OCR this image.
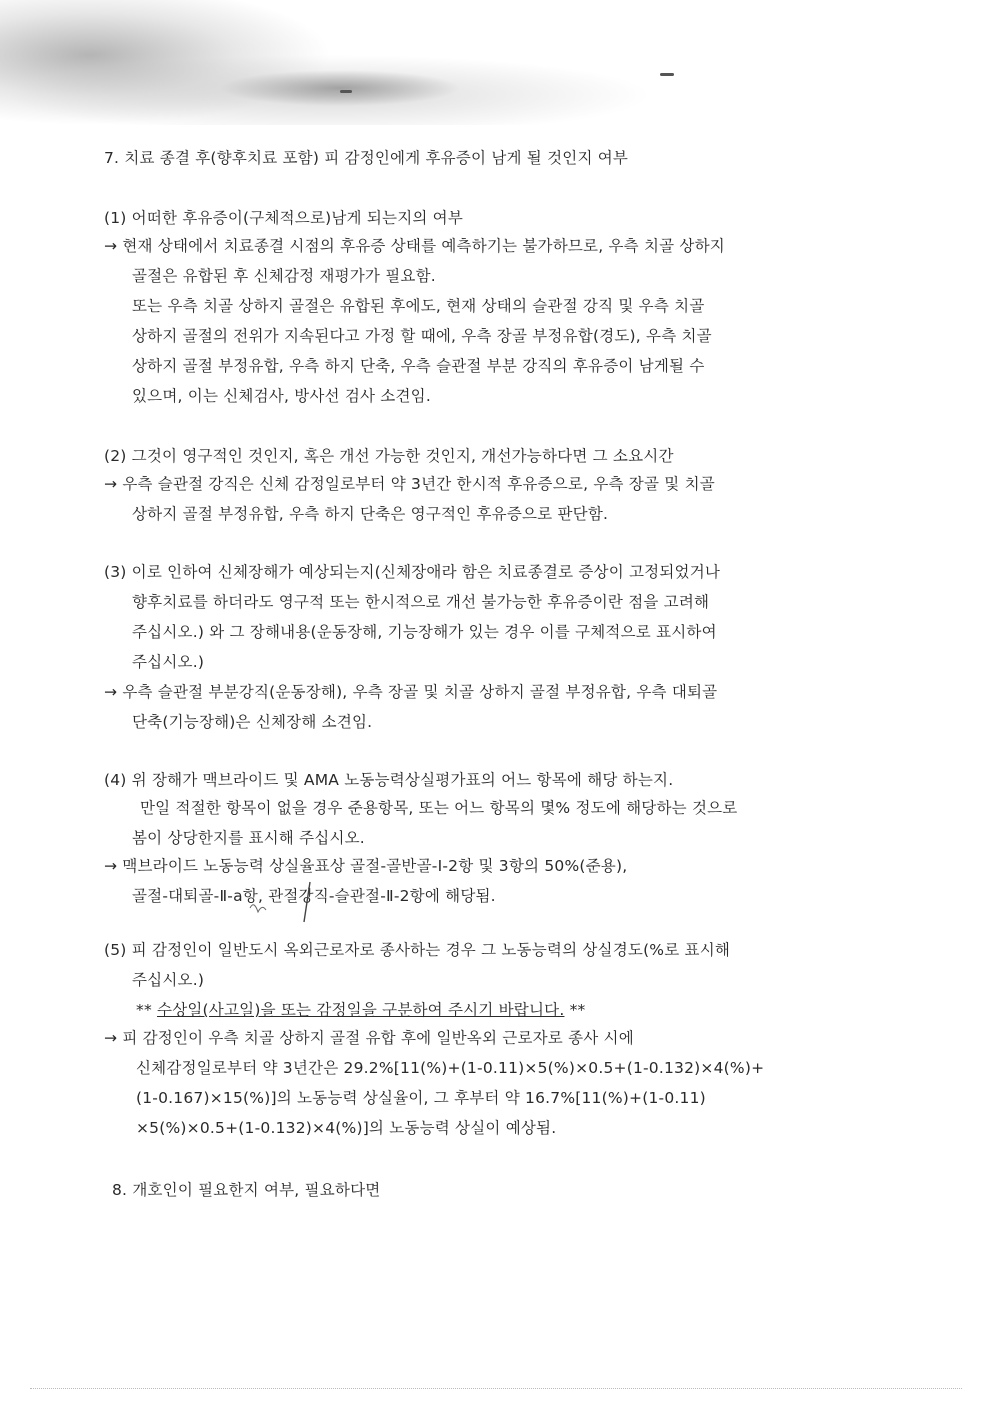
7. 치료 종결 후(향후치료 포함) 피 감정인에게 후유증이 남게 될 것인지 여부
(1) 어떠한 후유증이(구체적으로)남게 되는지의 여부
→ 현재 상태에서 치료종결 시점의 후유증 상태를 예측하기는 불가하므로, 우측 치골 상하지
골절은 유합된 후 신체감정 재평가가 필요함.
또는 우측 치골 상하지 골절은 유합된 후에도, 현재 상태의 슬관절 강직 및 우측 치골
상하지 골절의 전위가 지속된다고 가정 할 때에, 우측 장골 부정유합(경도), 우측 치골
상하지 골절 부정유합, 우측 하지 단축, 우측 슬관절 부분 강직의 후유증이 남게될 수
있으며, 이는 신체검사, 방사선 검사 소견임.
(2) 그것이 영구적인 것인지, 혹은 개선 가능한 것인지, 개선가능하다면 그 소요시간
→ 우측 슬관절 강직은 신체 감정일로부터 약 3년간 한시적 후유증으로, 우측 장골 및 치골
상하지 골절 부정유합, 우측 하지 단축은 영구적인 후유증으로 판단함.
(3) 이로 인하여 신체장해가 예상되는지(신체장애라 함은 치료종결로 증상이 고정되었거나
향후치료를 하더라도 영구적 또는 한시적으로 개선 불가능한 후유증이란 점을 고려해
주십시오.) 와 그 장해내용(운동장해, 기능장해가 있는 경우 이를 구체적으로 표시하여
주십시오.)
→ 우측 슬관절 부분강직(운동장해), 우측 장골 및 치골 상하지 골절 부정유합, 우측 대퇴골
단축(기능장해)은 신체장해 소견임.
(4) 위 장해가 맥브라이드 및 AMA 노동능력상실평가표의 어느 항목에 해당 하는지.
만일 적절한 항목이 없을 경우 준용항목, 또는 어느 항목의 몇% 정도에 해당하는 것으로
봄이 상당한지를 표시해 주십시오.
→ 맥브라이드 노동능력 상실율표상 골절-골반골-Ⅰ-2항 및 3항의 50%(준용),
골절-대퇴골-Ⅱ-a항, 관절강직-슬관절-Ⅱ-2항에 해당됨.
(5) 피 감정인이 일반도시 옥외근로자로 종사하는 경우 그 노동능력의 상실경도(%로 표시해
주십시오.)
** 수상일(사고일)을 또는 감정일을 구분하여 주시기 바랍니다. **
→ 피 감정인이 우측 치골 상하지 골절 유합 후에 일반옥외 근로자로 종사 시에
신체감정일로부터 약 3년간은 29.2%[11(%)+(1-0.11)×5(%)×0.5+(1-0.132)×4(%)+
(1-0.167)×15(%)]의 노동능력 상실율이, 그 후부터 약 16.7%[11(%)+(1-0.11)
×5(%)×0.5+(1-0.132)×4(%)]의 노동능력 상실이 예상됨.
8. 개호인이 필요한지 여부, 필요하다면
